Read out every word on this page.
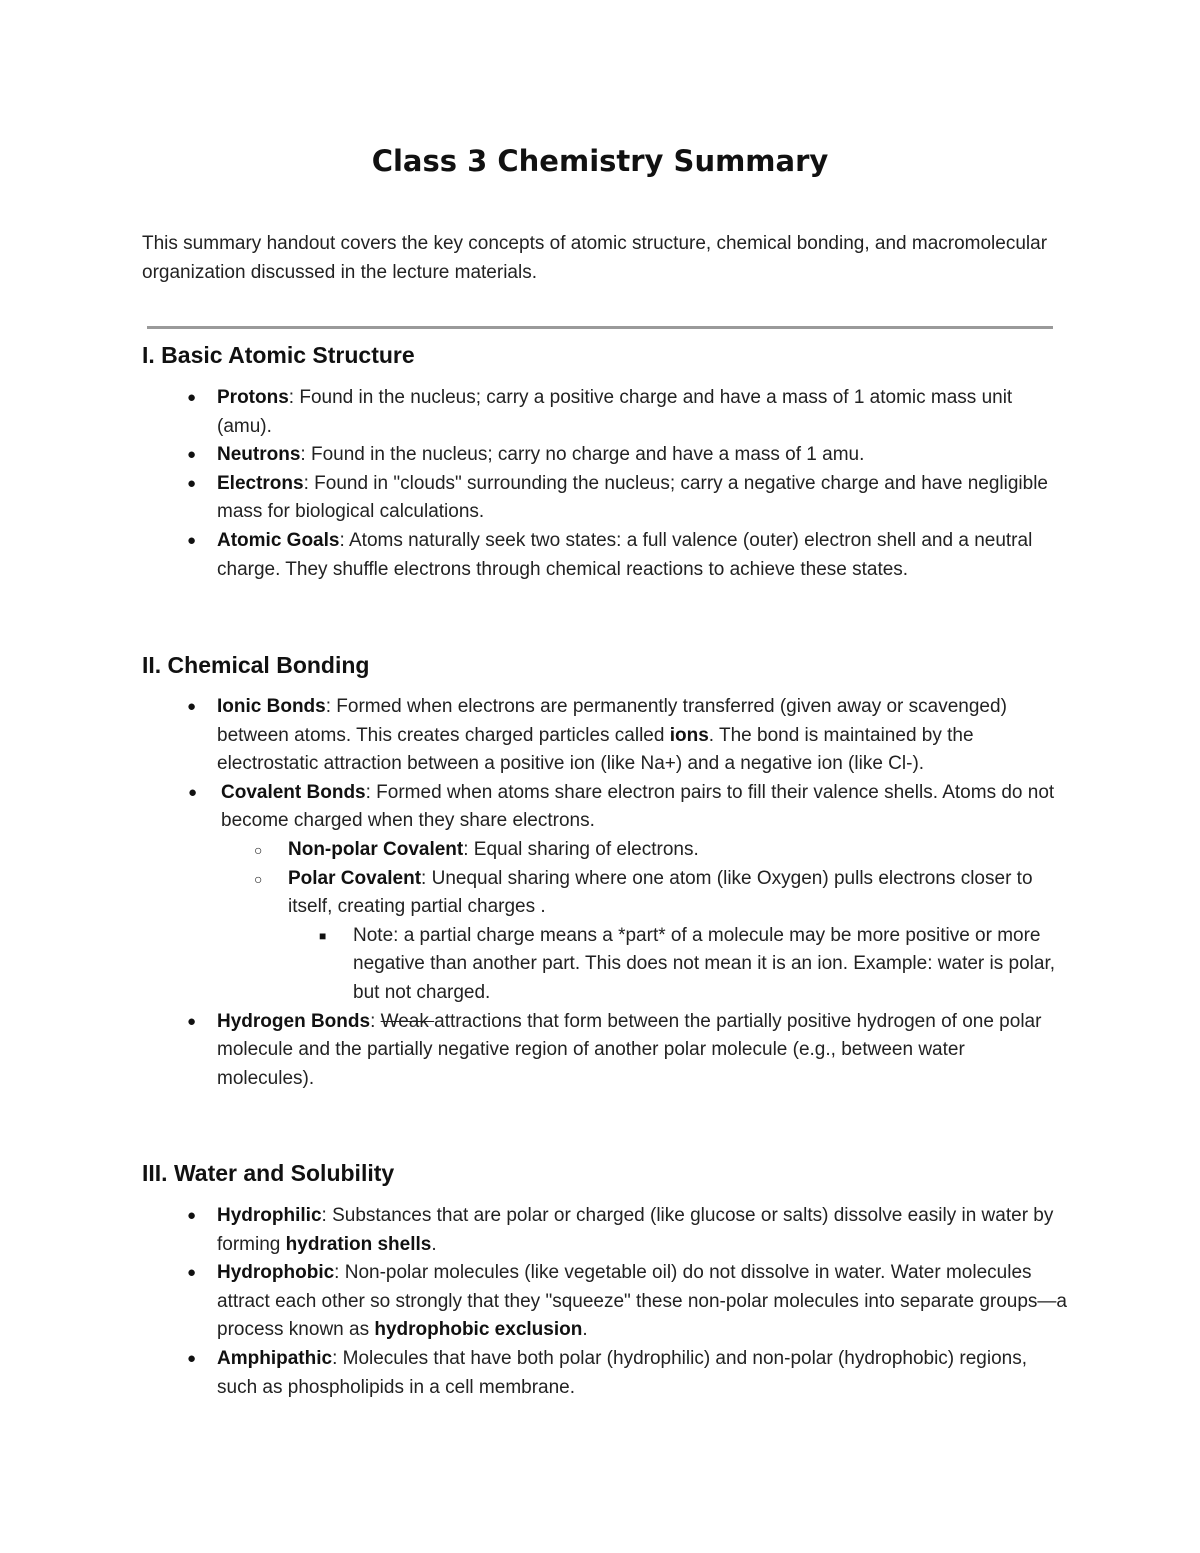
Class 3 Chemistry Summary

This summary handout covers the key concepts of atomic structure, chemical bonding, and macromolecular organization discussed in the lecture materials.

I. Basic Atomic Structure
● Protons: Found in the nucleus; carry a positive charge and have a mass of 1 atomic mass unit (amu).
● Neutrons: Found in the nucleus; carry no charge and have a mass of 1 amu.
● Electrons: Found in "clouds" surrounding the nucleus; carry a negative charge and have negligible mass for biological calculations.
● Atomic Goals: Atoms naturally seek two states: a full valence (outer) electron shell and a neutral charge. They shuffle electrons through chemical reactions to achieve these states.
II. Chemical Bonding
● Ionic Bonds: Formed when electrons are permanently transferred (given away or scavenged) between atoms. This creates charged particles called ions. The bond is maintained by the electrostatic attraction between a positive ion (like Na+) and a negative ion (like Cl-).
● Covalent Bonds: Formed when atoms share electron pairs to fill their valence shells. Atoms do not become charged when they share electrons.
○ Non-polar Covalent: Equal sharing of electrons.
○ Polar Covalent: Unequal sharing where one atom (like Oxygen) pulls electrons closer to itself, creating partial charges .
■ Note: a partial charge means a *part* of a molecule may be more positive or more negative than another part. This does not mean it is an ion. Example: water is polar, but not charged.
● Hydrogen Bonds: Weak attractions that form between the partially positive hydrogen of one polar molecule and the partially negative region of another polar molecule (e.g., between water molecules).
III. Water and Solubility
● Hydrophilic: Substances that are polar or charged (like glucose or salts) dissolve easily in water by forming hydration shells.
● Hydrophobic: Non-polar molecules (like vegetable oil) do not dissolve in water. Water molecules attract each other so strongly that they "squeeze" these non-polar molecules into separate groups—a process known as hydrophobic exclusion.
● Amphipathic: Molecules that have both polar (hydrophilic) and non-polar (hydrophobic) regions, such as phospholipids in a cell membrane.
